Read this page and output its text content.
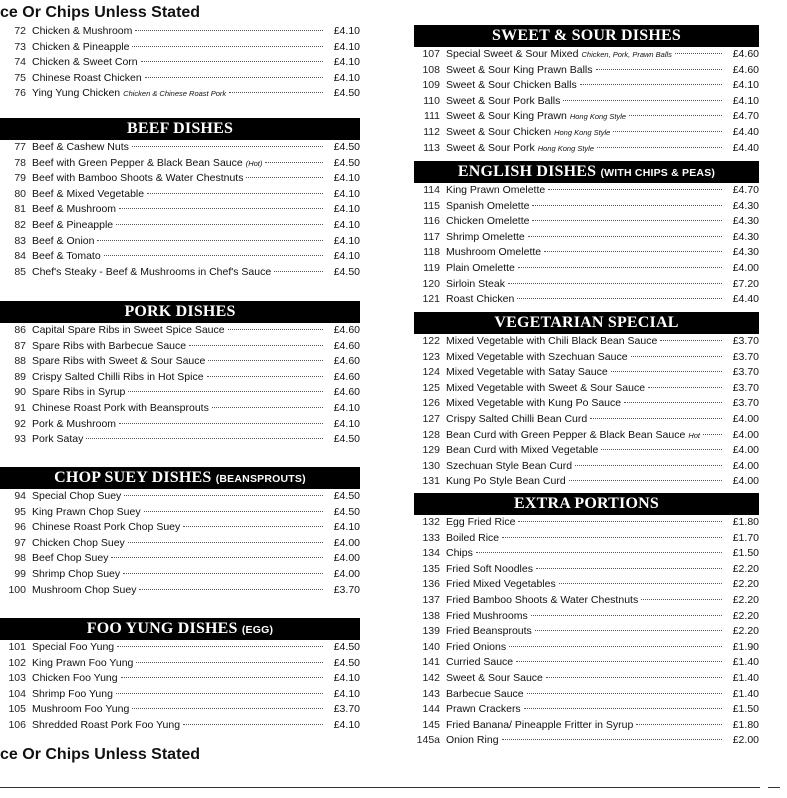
ce Or Chips Unless Stated
72 Chicken & Mushroom	£4.10
73 Chicken & Pineapple	£4.10
74 Chicken & Sweet Corn	£4.10
75 Chinese Roast Chicken	£4.10
76 Ying Yung Chicken Chicken & Chinese Roast Pork	£4.50
BEEF DISHES
77 Beef & Cashew Nuts	£4.50
78 Beef with Green Pepper & Black Bean Sauce (Hot)	£4.50
79 Beef with Bamboo Shoots & Water Chestnuts	£4.10
80 Beef & Mixed Vegetable	£4.10
81 Beef & Mushroom	£4.10
82 Beef & Pineapple	£4.10
83 Beef & Onion	£4.10
84 Beef & Tomato	£4.10
85 Chef's Steaky - Beef & Mushrooms in Chef's Sauce	£4.50
PORK DISHES
86 Capital Spare Ribs in Sweet Spice Sauce	£4.60
87 Spare Ribs with Barbecue Sauce	£4.60
88 Spare Ribs with Sweet & Sour Sauce	£4.60
89 Crispy Salted Chilli Ribs in Hot Spice	£4.60
90 Spare Ribs in Syrup	£4.60
91 Chinese Roast Pork with Beansprouts	£4.10
92 Pork & Mushroom	£4.10
93 Pork Satay	£4.50
CHOP SUEY DISHES (BEANSPROUTS)
94 Special Chop Suey	£4.50
95 King Prawn Chop Suey	£4.50
96 Chinese Roast Pork Chop Suey	£4.10
97 Chicken Chop Suey	£4.00
98 Beef Chop Suey	£4.00
99 Shrimp Chop Suey	£4.00
100 Mushroom Chop Suey	£3.70
FOO YUNG DISHES (EGG)
101 Special Foo Yung	£4.50
102 King Prawn Foo Yung	£4.50
103 Chicken Foo Yung	£4.10
104 Shrimp Foo Yung	£4.10
105 Mushroom Foo Yung	£3.70
106 Shredded Roast Pork Foo Yung	£4.10
ce Or Chips Unless Stated
SWEET & SOUR DISHES
107 Special Sweet & Sour Mixed Chicken, Pork, Prawn Balls	£4.60
108 Sweet & Sour King Prawn Balls	£4.60
109 Sweet & Sour Chicken Balls	£4.10
110 Sweet & Sour Pork Balls	£4.10
111 Sweet & Sour King Prawn Hong Kong Style	£4.70
112 Sweet & Sour Chicken Hong Kong Style	£4.40
113 Sweet & Sour Pork Hong Kong Style	£4.40
ENGLISH DISHES (WITH CHIPS & PEAS)
114 King Prawn Omelette	£4.70
115 Spanish Omelette	£4.30
116 Chicken Omelette	£4.30
117 Shrimp Omelette	£4.30
118 Mushroom Omelette	£4.30
119 Plain Omelette	£4.00
120 Sirloin Steak	£7.20
121 Roast Chicken	£4.40
VEGETARIAN SPECIAL
122 Mixed Vegetable with Chili Black Bean Sauce	£3.70
123 Mixed Vegetable with Szechuan Sauce	£3.70
124 Mixed Vegetable with Satay Sauce	£3.70
125 Mixed Vegetable with Sweet & Sour Sauce	£3.70
126 Mixed Vegetable with Kung Po Sauce	£3.70
127 Crispy Salted Chilli Bean Curd	£4.00
128 Bean Curd with Green Pepper & Black Bean Sauce Hot	£4.00
129 Bean Curd with Mixed Vegetable	£4.00
130 Szechuan Style Bean Curd	£4.00
131 Kung Po Style Bean Curd	£4.00
EXTRA PORTIONS
132 Egg Fried Rice	£1.80
133 Boiled Rice	£1.70
134 Chips	£1.50
135 Fried Soft Noodles	£2.20
136 Fried Mixed Vegetables	£2.20
137 Fried Bamboo Shoots & Water Chestnuts	£2.20
138 Fried Mushrooms	£2.20
139 Fried Beansprouts	£2.20
140 Fried Onions	£1.90
141 Curried Sauce	£1.40
142 Sweet & Sour Sauce	£1.40
143 Barbecue Sauce	£1.40
144 Prawn Crackers	£1.50
145 Fried Banana/ Pineapple Fritter in Syrup	£1.80
145a Onion Ring	£2.00
